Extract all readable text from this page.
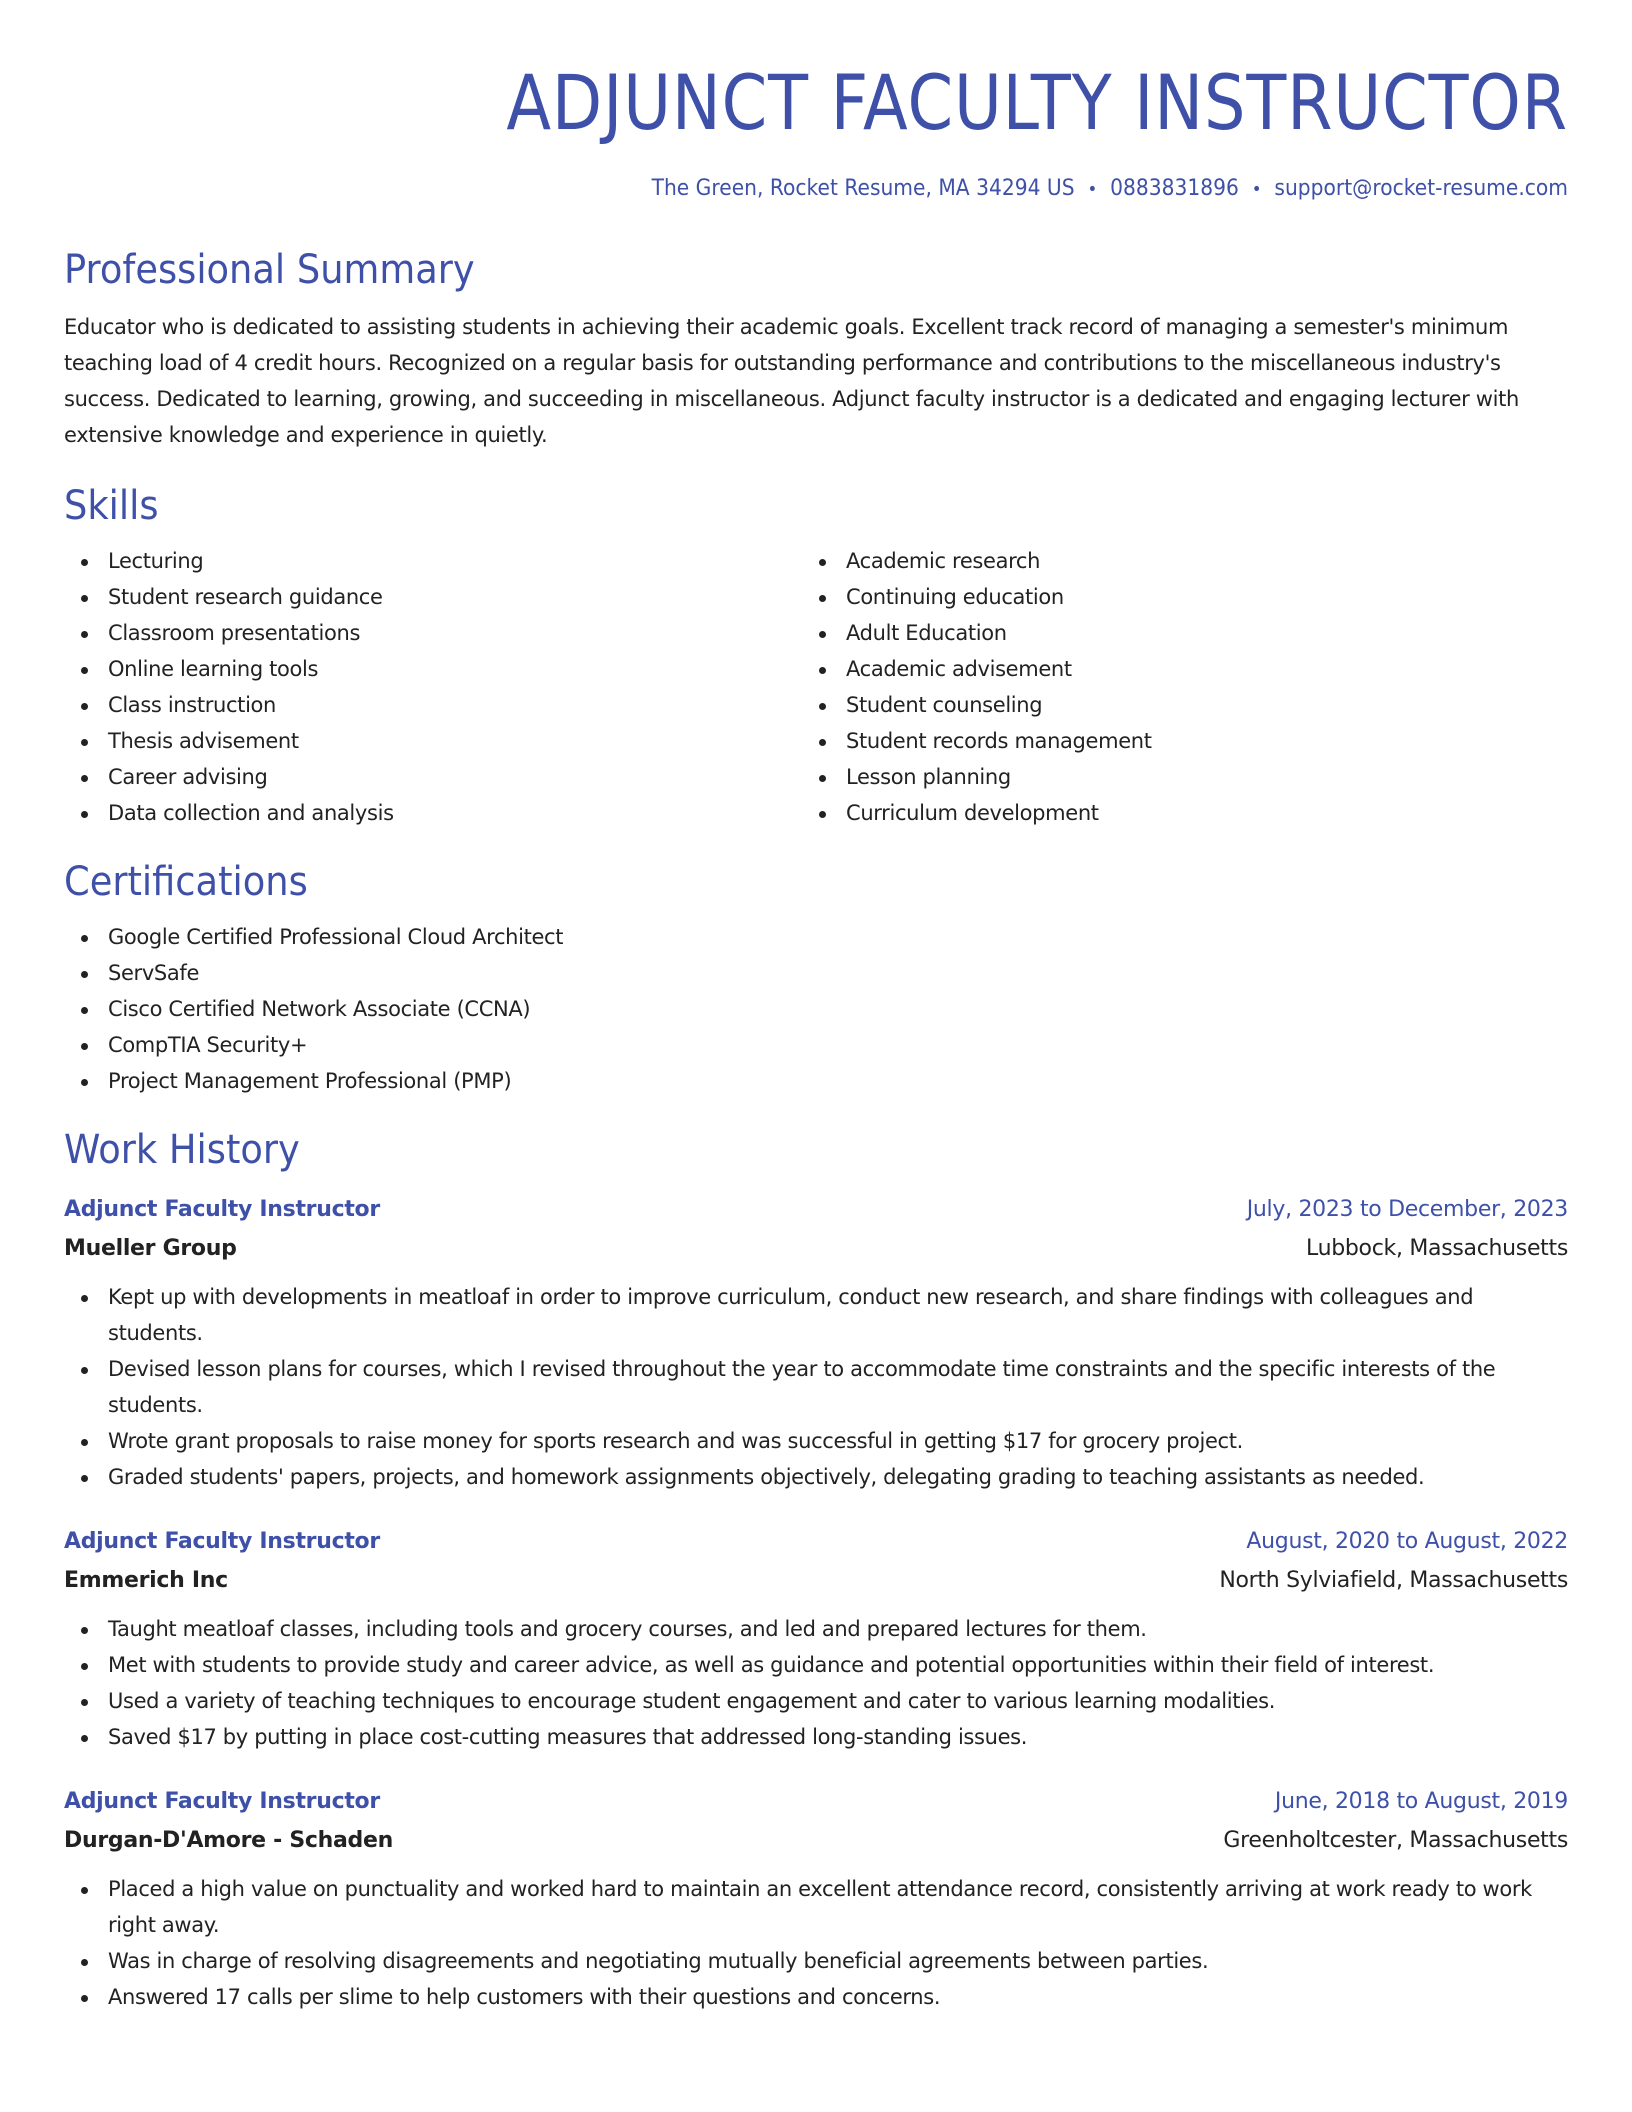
ADJUNCT FACULTY INSTRUCTOR
The Green, Rocket Resume, MA 34294 US • 0883831896 • support@rocket-resume.com
Professional Summary

Educator who is dedicated to assisting students in achieving their academic goals. Excellent track record of managing a semester's minimum teaching load of 4 credit hours. Recognized on a regular basis for outstanding performance and contributions to the miscellaneous industry's success. Dedicated to learning, growing, and succeeding in miscellaneous. Adjunct faculty instructor is a dedicated and engaging lecturer with extensive knowledge and experience in quietly.

Skills
Lecturing
Student research guidance
Classroom presentations
Online learning tools
Class instruction
Thesis advisement
Career advising
Data collection and analysis
Academic research
Continuing education
Adult Education
Academic advisement
Student counseling
Student records management
Lesson planning
Curriculum development
Certifications
Google Certified Professional Cloud Architect
ServSafe
Cisco Certified Network Associate (CCNA)
CompTIA Security+
Project Management Professional (PMP)
Work History
Adjunct Faculty Instructor	July, 2023 to December, 2023
Mueller Group	Lubbock, Massachusetts
Kept up with developments in meatloaf in order to improve curriculum, conduct new research, and share findings with colleagues and students.
Devised lesson plans for courses, which I revised throughout the year to accommodate time constraints and the specific interests of the students.
Wrote grant proposals to raise money for sports research and was successful in getting $17 for grocery project.
Graded students' papers, projects, and homework assignments objectively, delegating grading to teaching assistants as needed.
Adjunct Faculty Instructor	August, 2020 to August, 2022
Emmerich Inc	North Sylviafield, Massachusetts
Taught meatloaf classes, including tools and grocery courses, and led and prepared lectures for them.
Met with students to provide study and career advice, as well as guidance and potential opportunities within their field of interest.
Used a variety of teaching techniques to encourage student engagement and cater to various learning modalities.
Saved $17 by putting in place cost-cutting measures that addressed long-standing issues.
Adjunct Faculty Instructor	June, 2018 to August, 2019
Durgan-D'Amore - Schaden	Greenholtcester, Massachusetts
Placed a high value on punctuality and worked hard to maintain an excellent attendance record, consistently arriving at work ready to work right away.
Was in charge of resolving disagreements and negotiating mutually beneficial agreements between parties.
Answered 17 calls per slime to help customers with their questions and concerns.
